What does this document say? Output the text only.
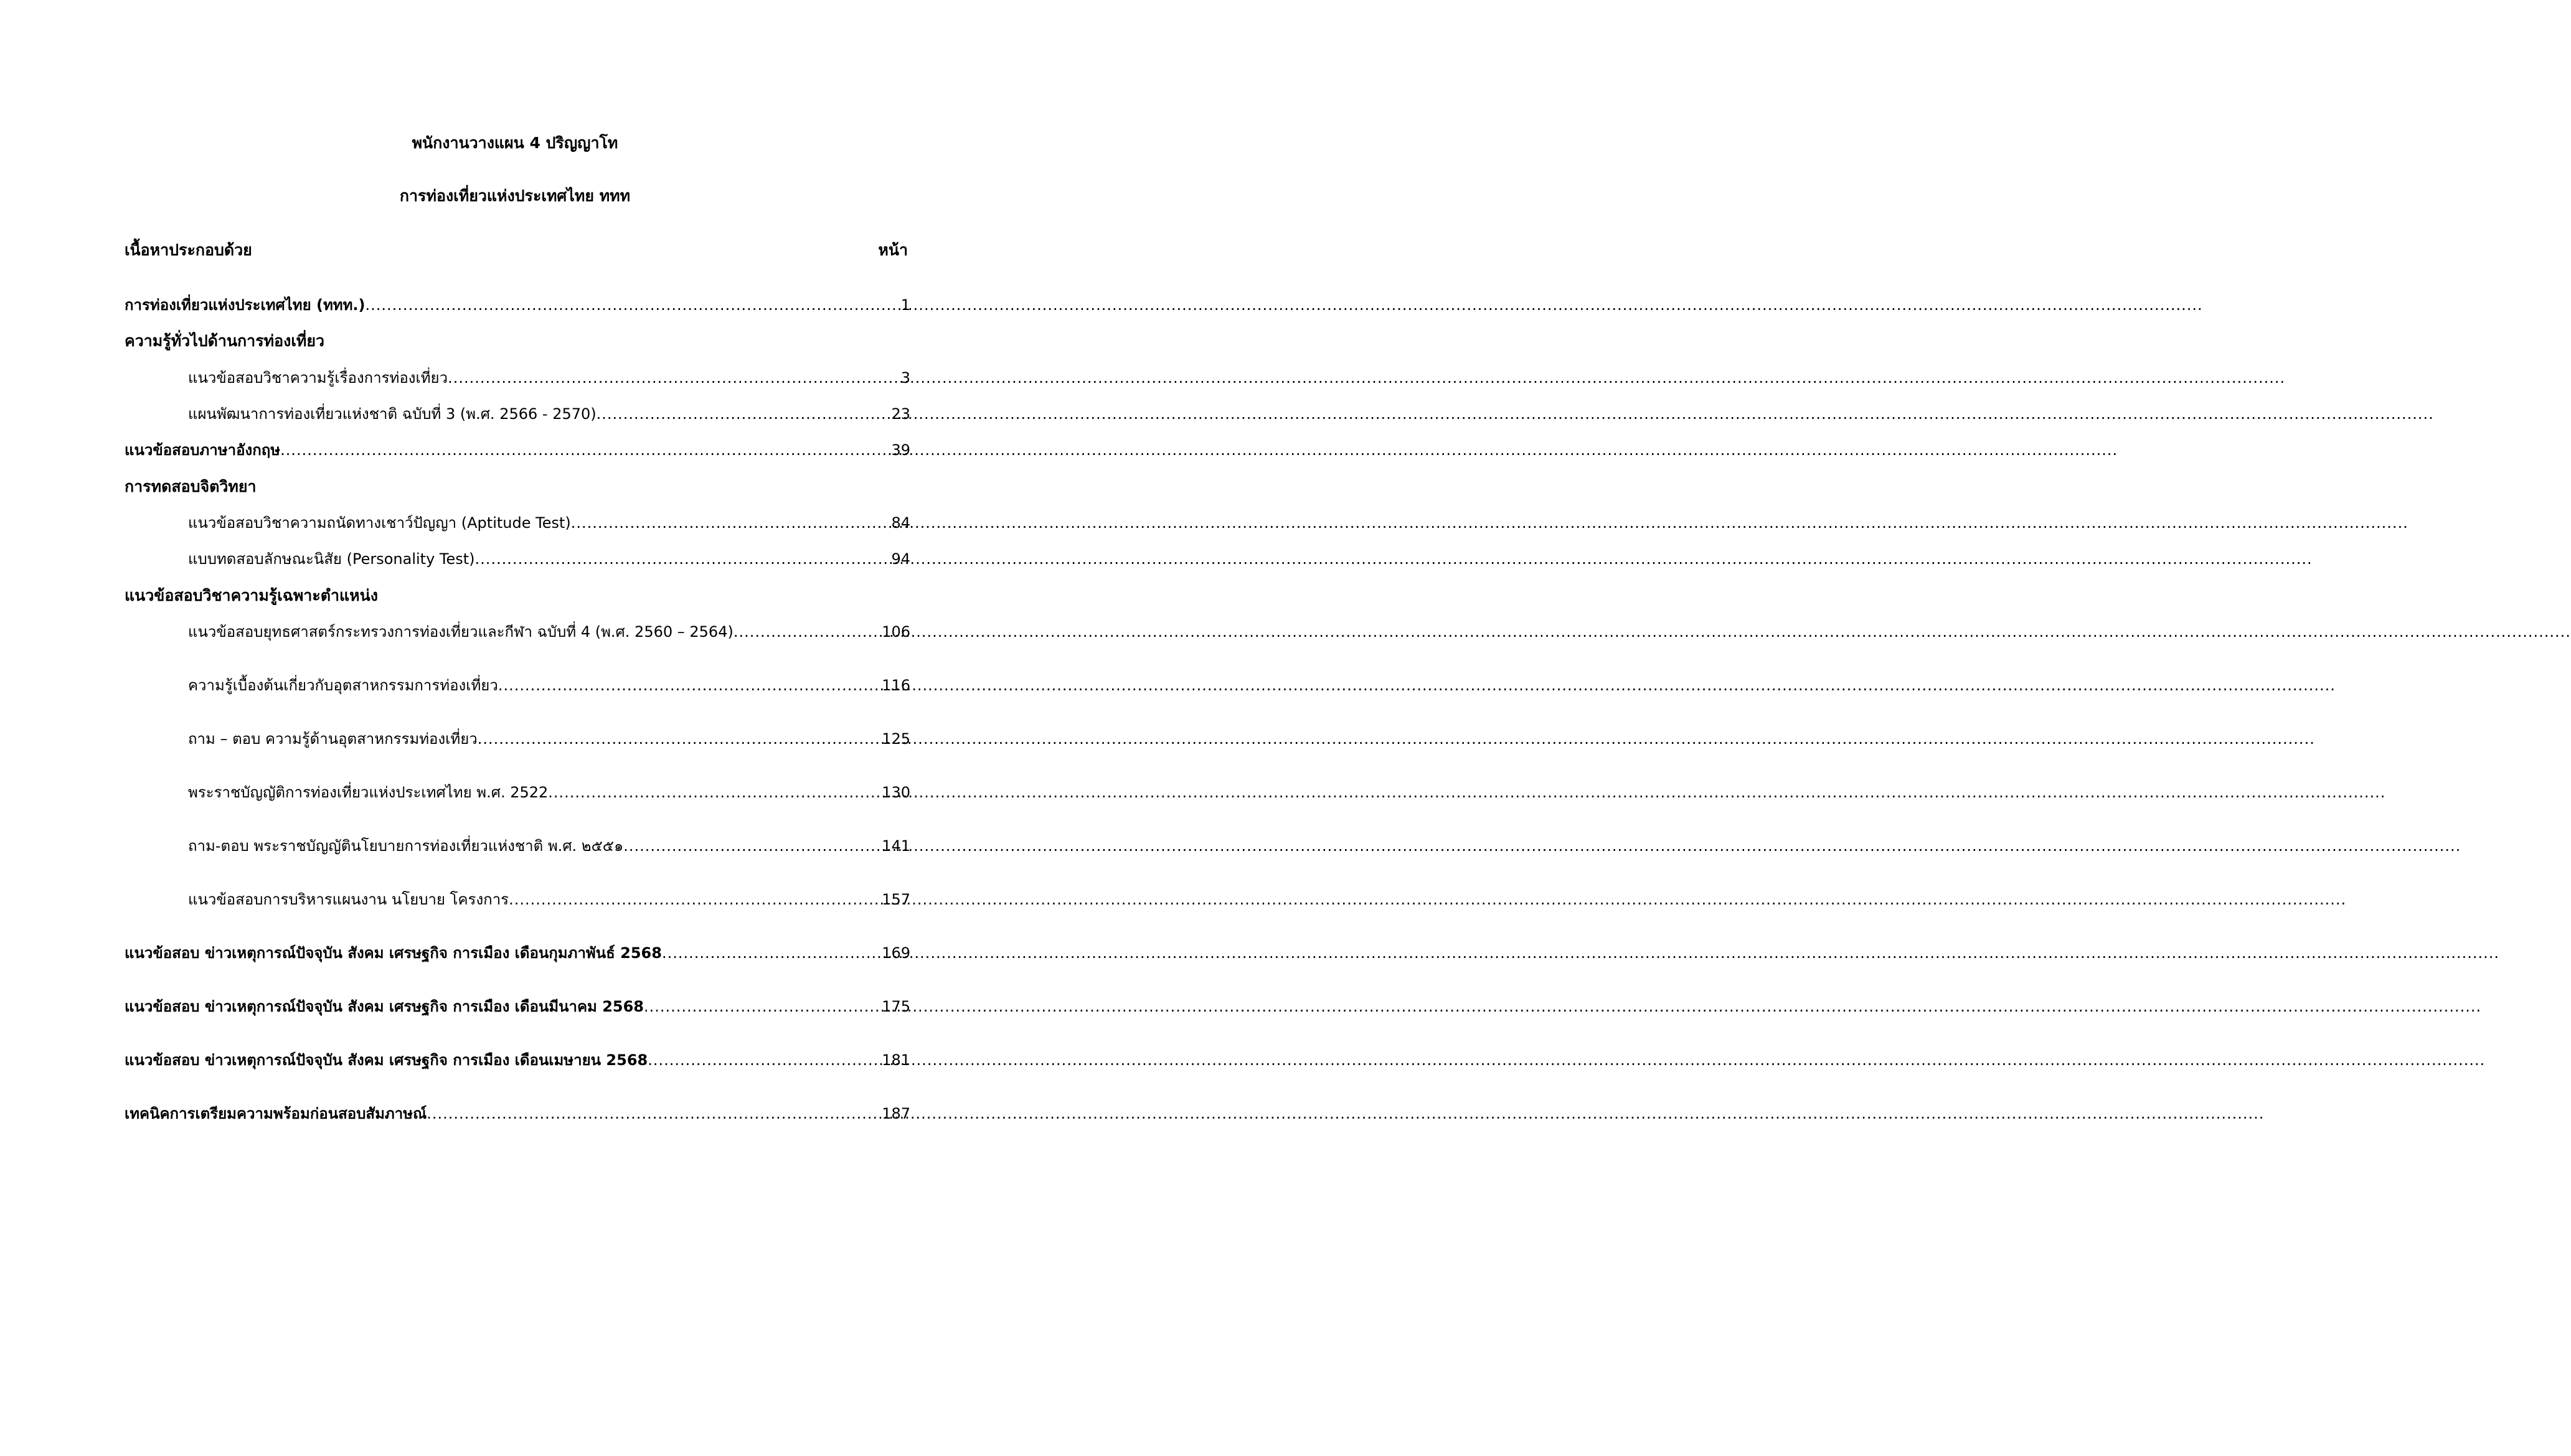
พนักงานวางแผน 4 ปริญญาโท
การท่องเที่ยวแห่งประเทศไทย ททท
เนื้อหาประกอบด้วย	หน้า
การท่องเที่ยวแห่งประเทศไทย (ททท.) .....	1
ความรู้ทั่วไปด้านการท่องเที่ยว
แนวข้อสอบวิชาความรู้เรื่องการท่องเที่ยว .....	3
แผนพัฒนาการท่องเที่ยวแห่งชาติ ฉบับที่ 3 (พ.ศ. 2566 - 2570) .....	23
แนวข้อสอบภาษาอังกฤษ .....	39
การทดสอบจิตวิทยา
แนวข้อสอบวิชาความถนัดทางเชาว์ปัญญา (Aptitude Test) .....	84
แบบทดสอบลักษณะนิสัย (Personality Test) .....	94
แนวข้อสอบวิชาความรู้เฉพาะตำแหน่ง
แนวข้อสอบยุทธศาสตร์กระทรวงการท่องเที่ยวและกีฬา ฉบับที่ 4 (พ.ศ. 2560 – 2564) .....	106
ความรู้เบื้องต้นเกี่ยวกับอุตสาหกรรมการท่องเที่ยว .....	116
ถาม – ตอบ ความรู้ด้านอุตสาหกรรมท่องเที่ยว .....	125
พระราชบัญญัติการท่องเที่ยวแห่งประเทศไทย พ.ศ. 2522 .....	130
ถาม-ตอบ พระราชบัญญัตินโยบายการท่องเที่ยวแห่งชาติ พ.ศ. ๒๕๕๑ .....	141
แนวข้อสอบการบริหารแผนงาน นโยบาย โครงการ .....	157
แนวข้อสอบ ข่าวเหตุการณ์ปัจจุบัน สังคม เศรษฐกิจ การเมือง เดือนกุมภาพันธ์ 2568 .....	169
แนวข้อสอบ ข่าวเหตุการณ์ปัจจุบัน สังคม เศรษฐกิจ การเมือง เดือนมีนาคม 2568 .....	175
แนวข้อสอบ ข่าวเหตุการณ์ปัจจุบัน สังคม เศรษฐกิจ การเมือง เดือนเมษายน 2568 .....	181
เทคนิคการเตรียมความพร้อมก่อนสอบสัมภาษณ์ .....	187
